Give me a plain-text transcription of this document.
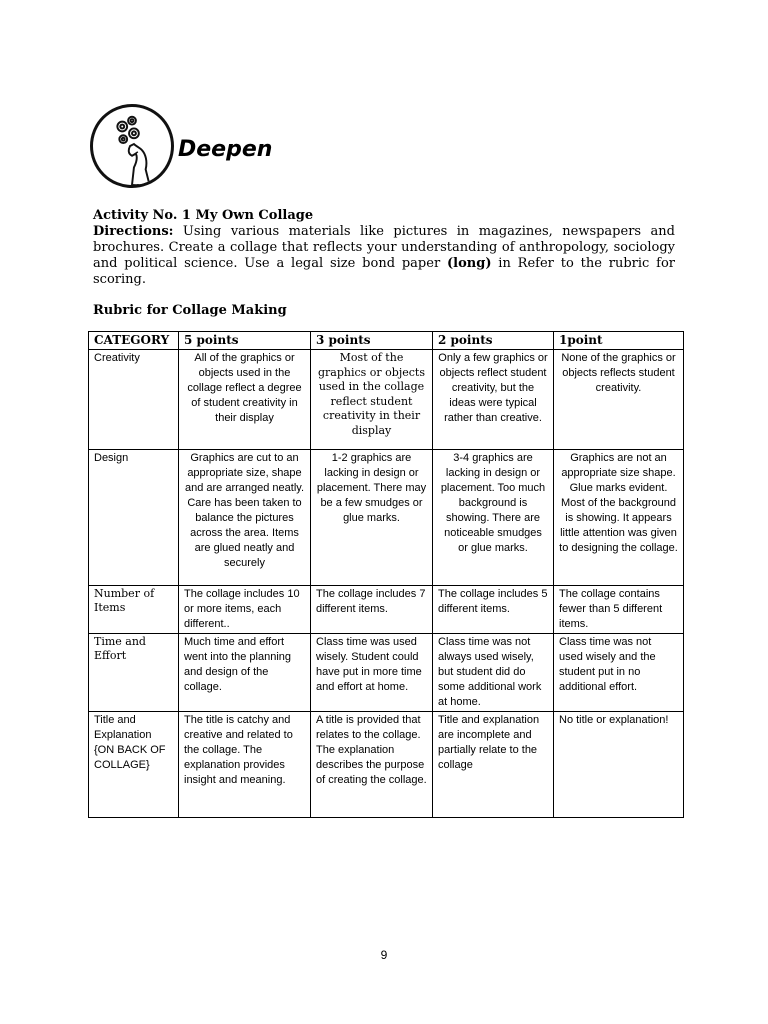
Deepen
Activity No. 1 My Own Collage
Directions: Using various materials like pictures in magazines, newspapers and brochures. Create a collage that reflects your understanding of anthropology, sociology and political science. Use a legal size bond paper (long) in Refer to the rubric for scoring.
Rubric for Collage Making
CATEGORY	5 points	3 points	2 points	1point
Creativity	All of the graphics or objects used in the collage reflect a degree of student creativity in their display	Most of the graphics or objects used in the collage reflect student creativity in their display	Only a few graphics or objects reflect student creativity, but the ideas were typical rather than creative.	None of the graphics or objects reflects student creativity.
Design	Graphics are cut to an appropriate size, shape and are arranged neatly. Care has been taken to balance the pictures across the area. Items are glued neatly and securely	1-2 graphics are lacking in design or placement. There may be a few smudges or glue marks.	3-4 graphics are lacking in design or placement. Too much background is showing. There are noticeable smudges or glue marks.	Graphics are not an appropriate size shape. Glue marks evident. Most of the background is showing. It appears little attention was given to designing the collage.
Number of Items	The collage includes 10 or more items, each different..	The collage includes 7 different items.	The collage includes 5 different items.	The collage contains fewer than 5 different items.
Time and Effort	Much time and effort went into the planning and design of the collage.	Class time was used wisely. Student could have put in more time and effort at home.	Class time was not always used wisely, but student did do some additional work at home.	Class time was not used wisely and the student put in no additional effort.
Title and Explanation {ON BACK OF COLLAGE}	The title is catchy and creative and related to the collage. The explanation provides insight and meaning.	A title is provided that relates to the collage. The explanation describes the purpose of creating the collage.	Title and explanation are incomplete and partially relate to the collage	No title or explanation!
9
